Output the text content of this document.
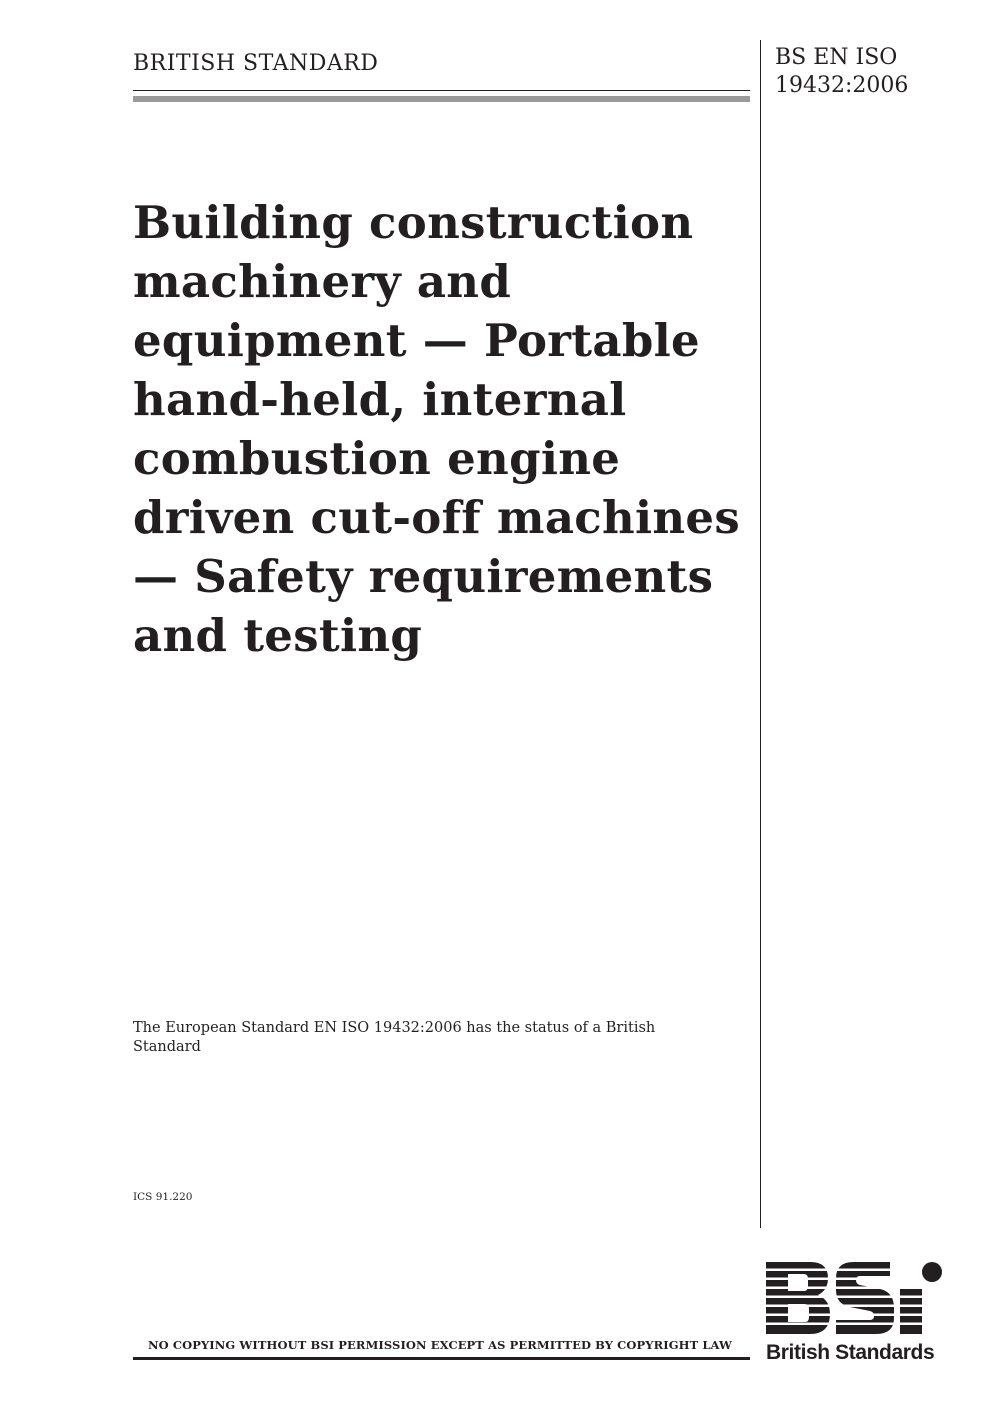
BRITISH STANDARD	BS EN ISO
19432:2006
Building construction machinery and equipment — Portable hand-held, internal combustion engine driven cut-off machines — Safety requirements and testing
The European Standard EN ISO 19432:2006 has the status of a British Standard
ICS 91.220
NO COPYING WITHOUT BSI PERMISSION EXCEPT AS PERMITTED BY COPYRIGHT LAW British Standards
